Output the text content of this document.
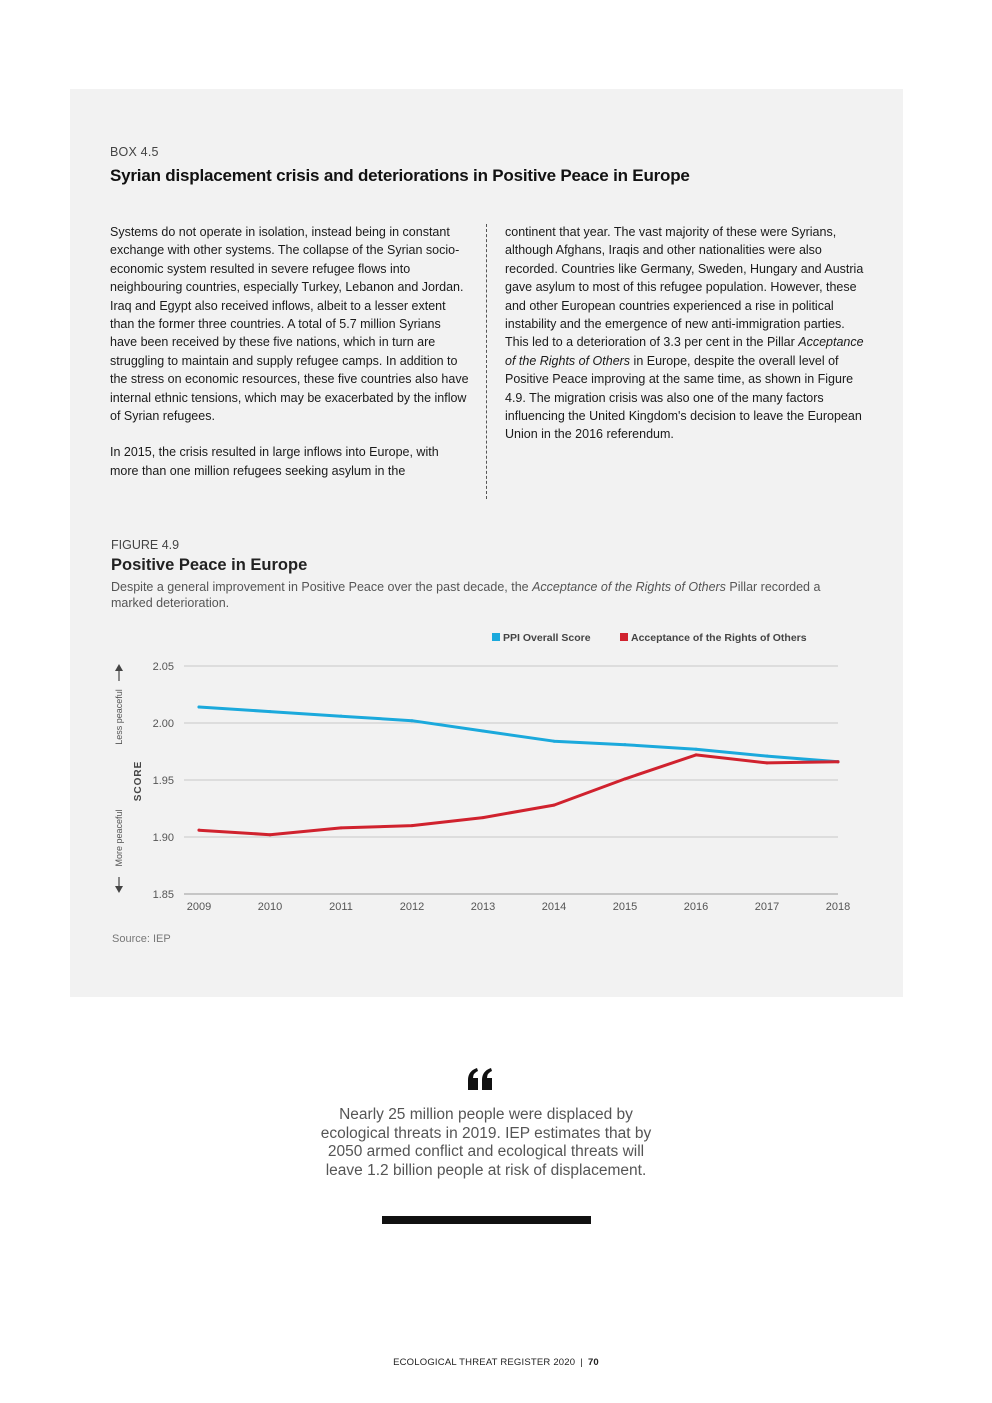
BOX 4.5
Syrian displacement crisis and deteriorations in Positive Peace in Europe

Systems do not operate in isolation, instead being in constant exchange with other systems. The collapse of the Syrian socio-economic system resulted in severe refugee flows into neighbouring countries, especially Turkey, Lebanon and Jordan. Iraq and Egypt also received inflows, albeit to a lesser extent than the former three countries. A total of 5.7 million Syrians have been received by these five nations, which in turn are struggling to maintain and supply refugee camps. In addition to the stress on economic resources, these five countries also have internal ethnic tensions, which may be exacerbated by the inflow of Syrian refugees.

In 2015, the crisis resulted in large inflows into Europe, with more than one million refugees seeking asylum in the

continent that year. The vast majority of these were Syrians, although Afghans, Iraqis and other nationalities were also recorded. Countries like Germany, Sweden, Hungary and Austria gave asylum to most of this refugee population. However, these and other European countries experienced a rise in political instability and the emergence of new anti-immigration parties. This led to a deterioration of 3.3 per cent in the Pillar Acceptance of the Rights of Others in Europe, despite the overall level of Positive Peace improving at the same time, as shown in Figure 4.9. The migration crisis was also one of the many factors influencing the United Kingdom's decision to leave the European Union in the 2016 referendum.

FIGURE 4.9
Positive Peace in Europe
Despite a general improvement in Positive Peace over the past decade, the Acceptance of the Rights of Others Pillar recorded a marked deterioration.
1.85
1.90
1.95
2.00
2.05
2009	2010	2011	2012	2013	2014	2015	2016	2017	2018
SCORE
Less peaceful
More peaceful
PPI Overall Score	Acceptance of the Rights of Others
Source: IEP
Nearly 25 million people were displaced by ecological threats in 2019. IEP estimates that by 2050 armed conflict and ecological threats will leave 1.2 billion people at risk of displacement.
ECOLOGICAL THREAT REGISTER 2020 | 70
